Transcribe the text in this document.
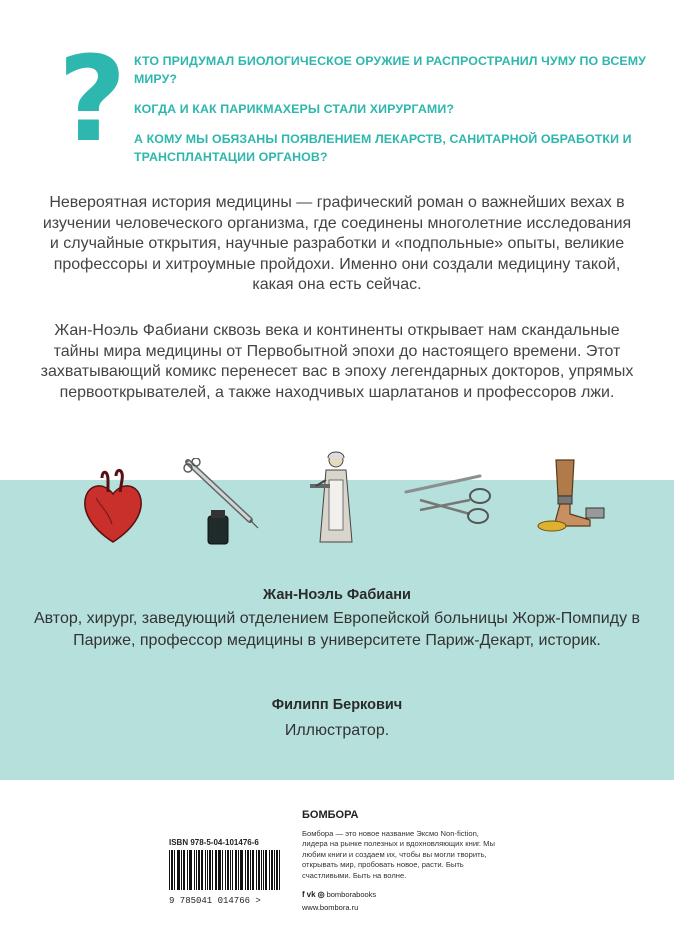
? КТО ПРИДУМАЛ БИОЛОГИЧЕСКОЕ ОРУЖИЕ И РАСПРОСТРАНИЛ ЧУМУ ПО ВСЕМУ МИРУ?

КОГДА И КАК ПАРИКМАХЕРЫ СТАЛИ ХИРУРГАМИ?

А КОМУ МЫ ОБЯЗАНЫ ПОЯВЛЕНИЕМ ЛЕКАРСТВ, САНИТАРНОЙ ОБРАБОТКИ И ТРАНСПЛАНТАЦИИ ОРГАНОВ?

Невероятная история медицины — графический роман о важнейших вехах в изучении человеческого организма, где соединены многолетние исследования и случайные открытия, научные разработки и «подпольные» опыты, великие профессоры и хитроумные пройдохи. Именно они создали медицину такой, какая она есть сейчас.

Жан-Ноэль Фабиани сквозь века и континенты открывает нам скандальные тайны мира медицины от Первобытной эпохи до настоящего времени. Этот захватывающий комикс перенесет вас в эпоху легендарных докторов, упрямых первооткрывателей, а также находчивых шарлатанов и профессоров лжи.

Жан-Ноэль Фабиани

Автор, хирург, заведующий отделением Европейской больницы Жорж-Помпиду в Париже, профессор медицины в университете Париж-Декарт, историк.

Филипп Беркович

Иллюстратор.

ISBN 978-5-04-101476-6

9 785041 014766 >

БОМБОРА

Бомбора — это новое название Эксмо Non-fiction, лидера на рынке полезных и вдохновляющих книг. Мы любим книги и создаем их, чтобы вы могли творить, открывать мир, пробовать новое, расти. Быть счастливыми. Быть на волне.

f vk ◎ bomborabooks

www.bombora.ru
